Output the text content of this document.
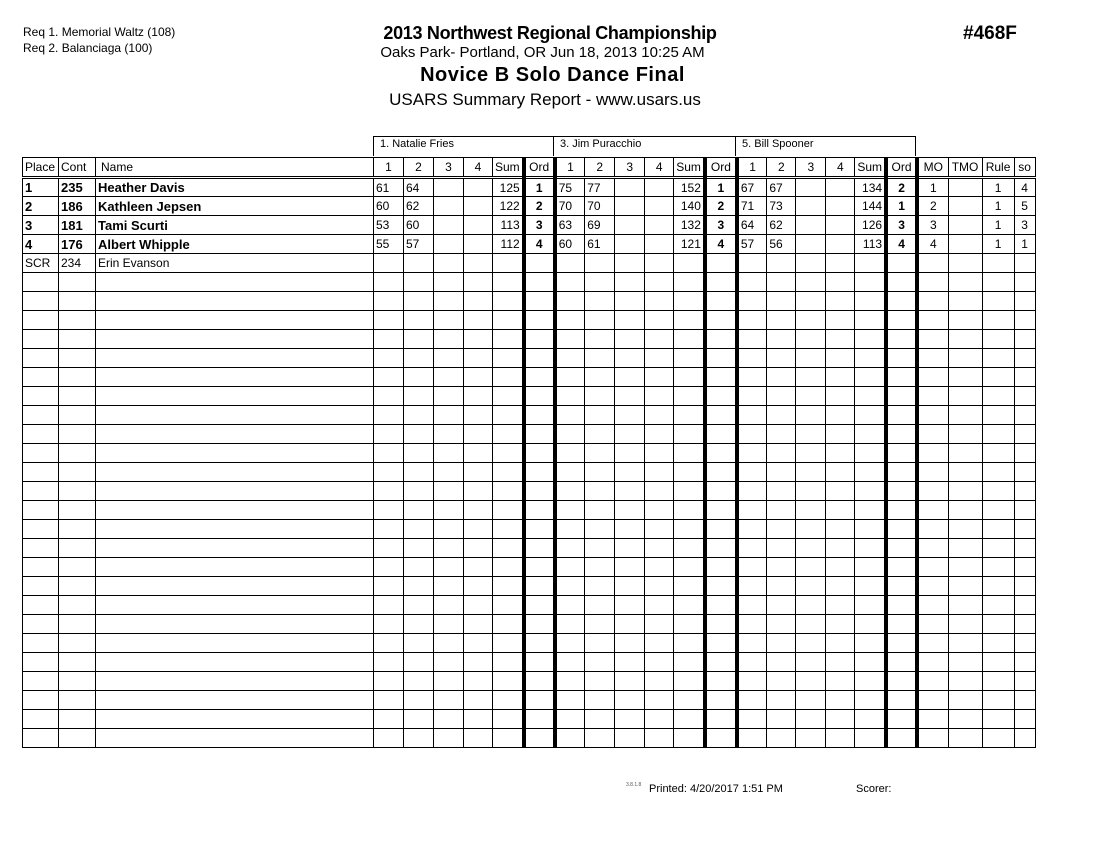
Req 1. Memorial Waltz (108)
Req 2. Balanciaga (100)
2013 Northwest Regional Championship
Oaks Park- Portland, OR Jun 18, 2013 10:25 AM
Novice B Solo Dance Final
USARS Summary Report - www.usars.us
#468F
1. Natalie Fries	3. Jim Puracchio	5. Bill Spooner
Place	Cont	Name	1	2	3	4	Sum	Ord	1	2	3	4	Sum	Ord	1	2	3	4	Sum	Ord	MO	TMO	Rule	so
1	235	Heather Davis	61	64			125	1	75	77			152	1	67	67			134	2	1		1	4
2	186	Kathleen Jepsen	60	62			122	2	70	70			140	2	71	73			144	1	2		1	5
3	181	Tami Scurti	53	60			113	3	63	69			132	3	64	62			126	3	3		1	3
4	176	Albert Whipple	55	57			112	4	60	61			121	4	57	56			113	4	4		1	1
SCR	234	Erin Evanson																						

3.8.1.8 Printed: 4/20/2017 1:51 PM	Scorer:
